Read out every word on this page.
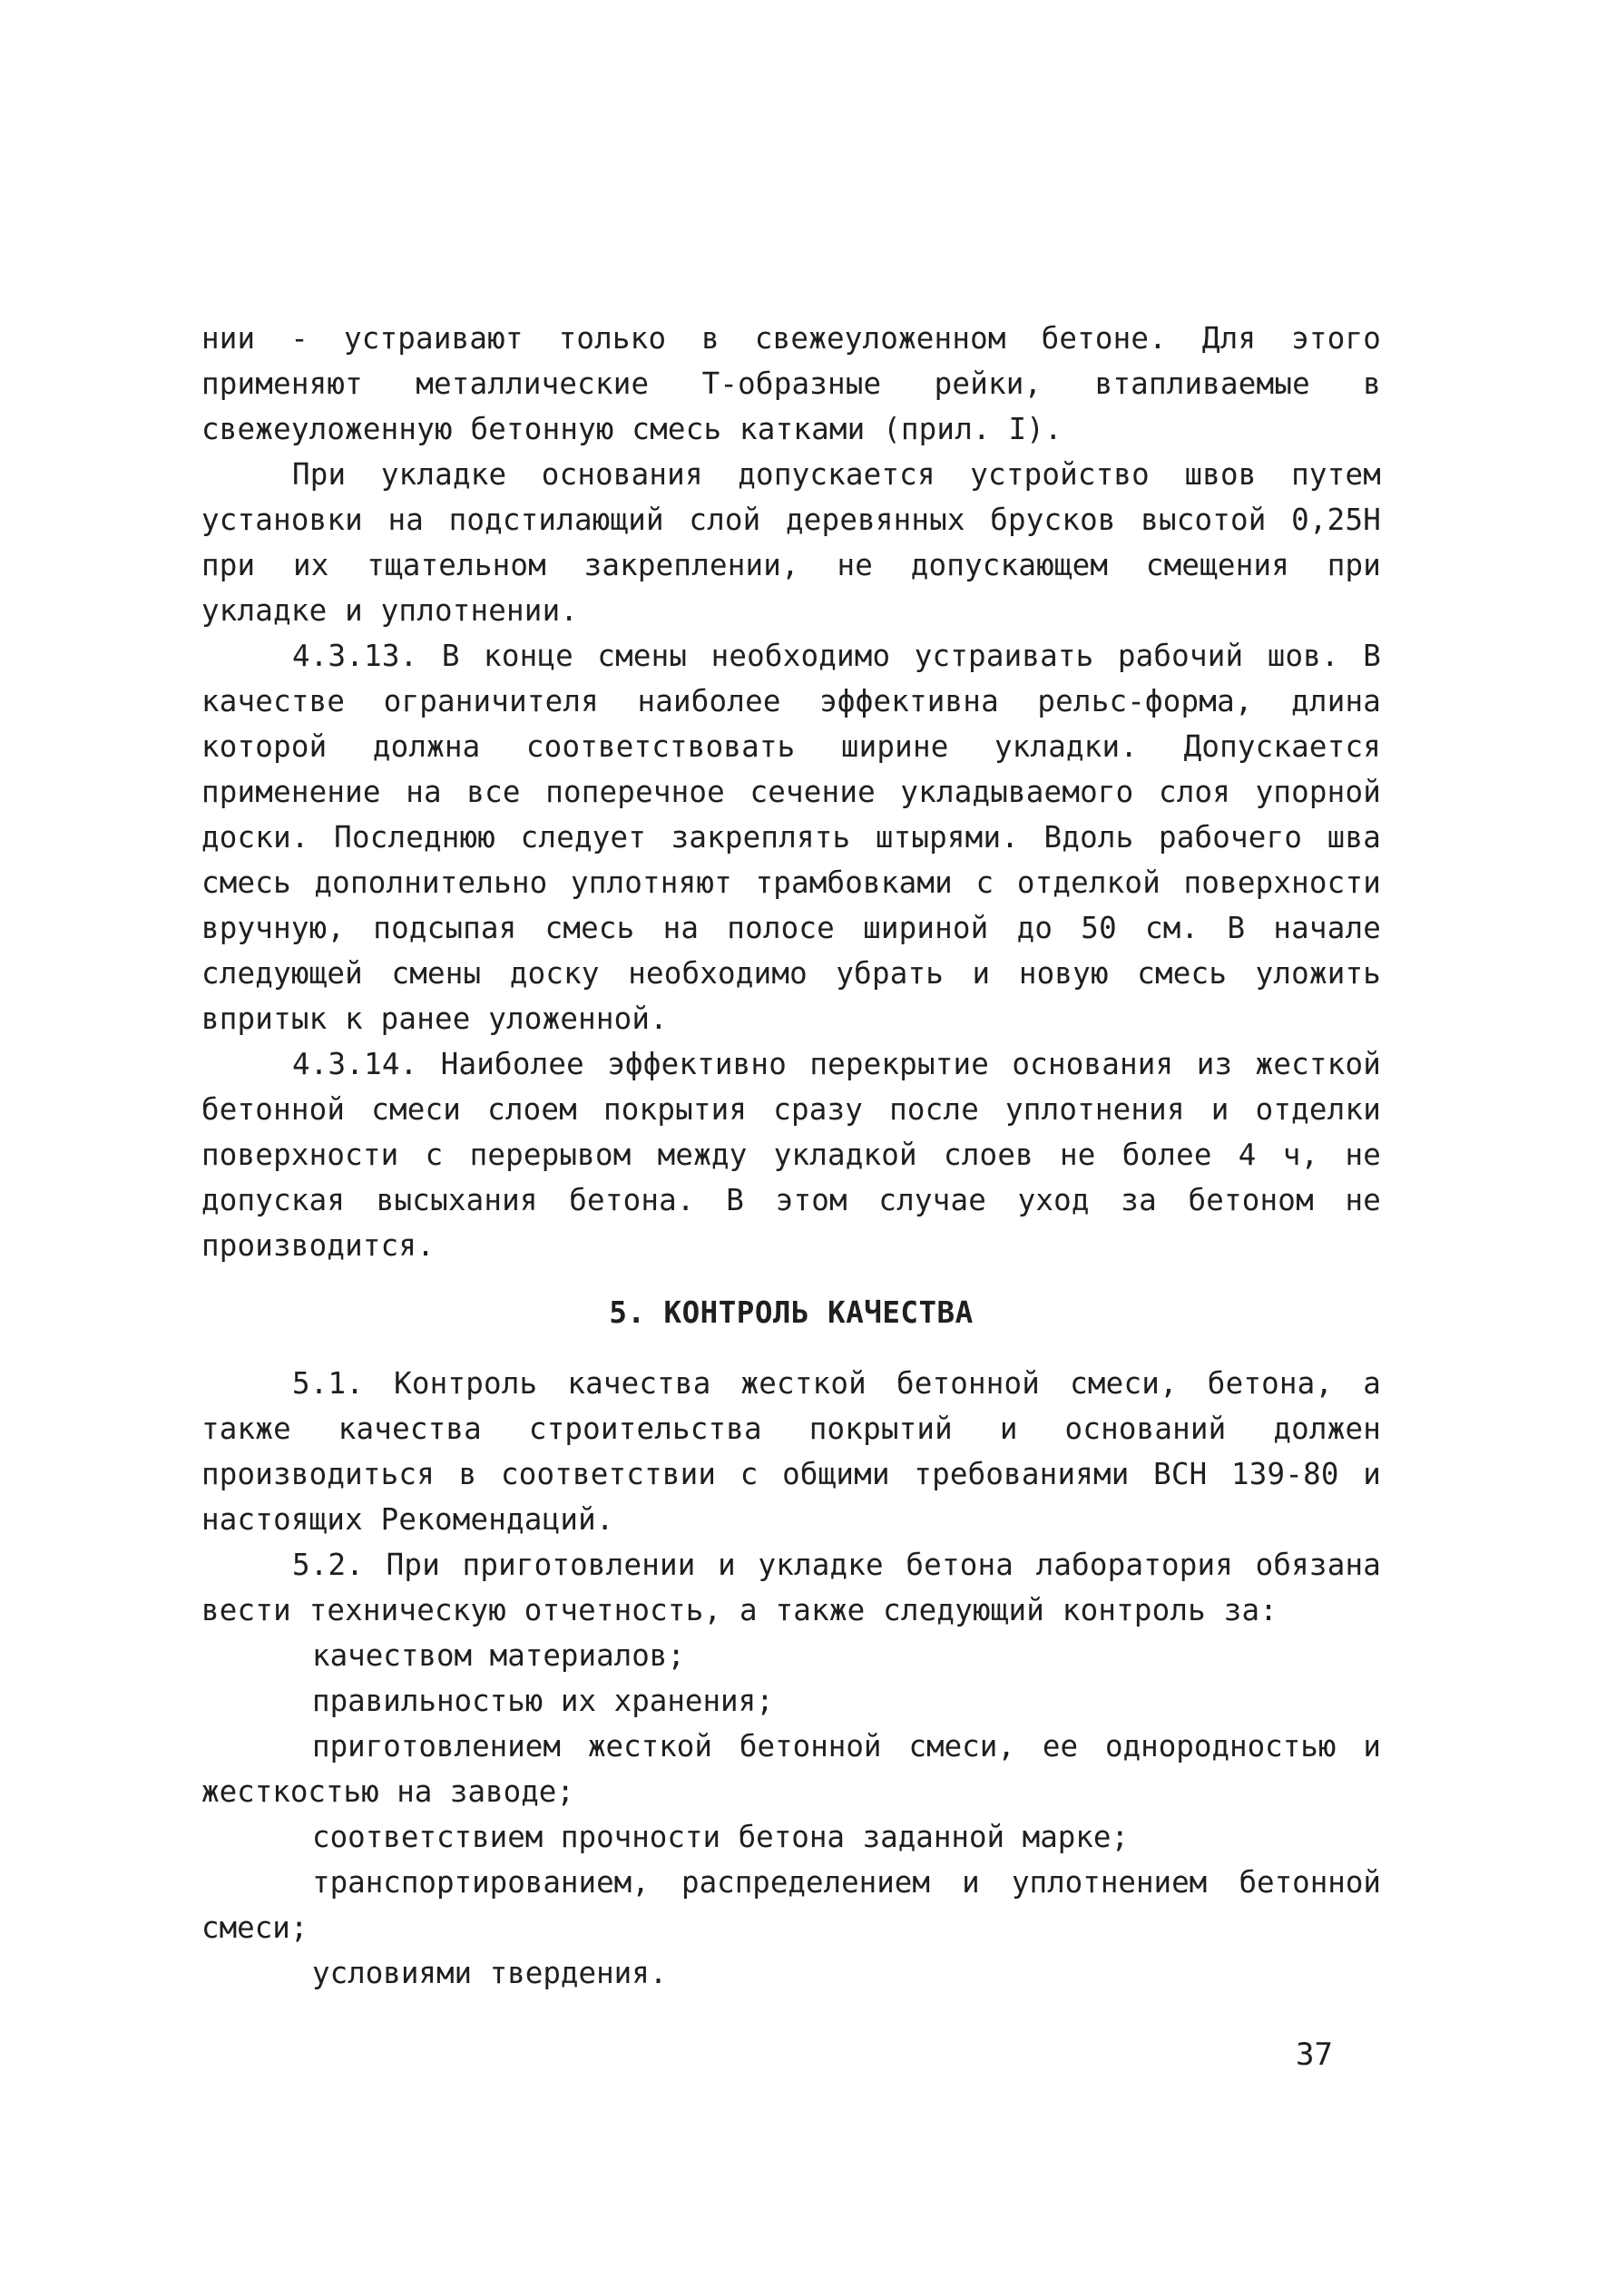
нии - устраивают только в свежеуложенном бетоне. Для этого применяют металлические Т-образные рейки, втапливаемые в свежеуложенную бетонную смесь катками (прил. I).

При укладке основания допускается устройство швов путем установки на подстилающий слой деревянных брусков высотой 0,25Н при их тщательном закреплении, не допускающем смещения при укладке и уплотнении.

4.3.13. В конце смены необходимо устраивать рабочий шов. В качестве ограничителя наиболее эффективна рельс-форма, длина которой должна соответствовать ширине укладки. Допускается применение на все поперечное сечение укладываемого слоя упорной доски. Последнюю следует закреплять штырями. Вдоль рабочего шва смесь дополнительно уплотняют трамбовками с отделкой поверхности вручную, подсыпая смесь на полосе шириной до 50 см. В начале следующей смены доску необходимо убрать и новую смесь уложить впритык к ранее уложенной.

4.3.14. Наиболее эффективно перекрытие основания из жесткой бетонной смеси слоем покрытия сразу после уплотнения и отделки поверхности с перерывом между укладкой слоев не более 4 ч, не допуская высыхания бетона. В этом случае уход за бетоном не производится.

5. КОНТРОЛЬ КАЧЕСТВА

5.1. Контроль качества жесткой бетонной смеси, бетона, а также качества строительства покрытий и оснований должен производиться в соответствии с общими требованиями ВСН 139-80 и настоящих Рекомендаций.

5.2. При приготовлении и укладке бетона лаборатория обязана вести техническую отчетность, а также следующий контроль за:

качеством материалов;

правильностью их хранения;

приготовлением жесткой бетонной смеси, ее однородностью и жесткостью на заводе;

соответствием прочности бетона заданной марке;

транспортированием, распределением и уплотнением бетонной смеси;

условиями твердения.

37
